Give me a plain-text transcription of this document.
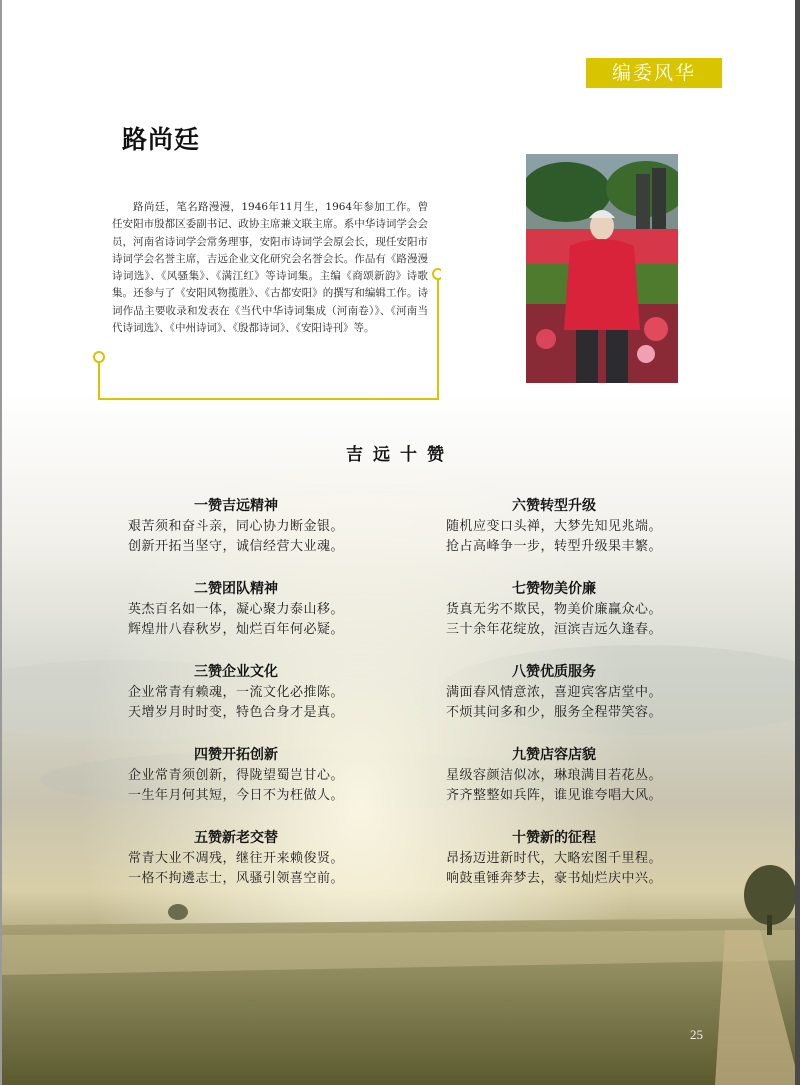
编委风华
路尚廷

路尚廷，笔名路漫漫，1946年11月生，1964年参加工作。曾任安阳市殷都区委副书记、政协主席兼文联主席。系中华诗词学会会员，河南省诗词学会常务理事，安阳市诗词学会原会长，现任安阳市诗词学会名誉主席，吉远企业文化研究会名誉会长。作品有《路漫漫诗词选》、《风骚集》、《满江红》等诗词集。主编《商颂新韵》诗歌集。还参与了《安阳风物揽胜》、《古都安阳》的撰写和编辑工作。诗词作品主要收录和发表在《当代中华诗词集成（河南卷）》、《河南当代诗词选》、《中州诗词》、《殷都诗词》、《安阳诗刊》等。

吉远十赞
一赞吉远精神
艰苦须和奋斗亲，同心协力断金银。
创新开拓当坚守，诚信经营大业魂。
二赞团队精神
英杰百名如一体，凝心聚力泰山移。
辉煌卅八春秋岁，灿烂百年何必疑。
三赞企业文化
企业常青有赖魂，一流文化必推陈。
天增岁月时时变，特色合身才是真。
四赞开拓创新
企业常青须创新，得陇望蜀岂甘心。
一生年月何其短，今日不为枉做人。
五赞新老交替
常青大业不凋残，继往开来赖俊贤。
一格不拘遴志士，风骚引领喜空前。
六赞转型升级
随机应变口头禅，大梦先知见兆端。
抢占高峰争一步，转型升级果丰繁。
七赞物美价廉
货真无劣不欺民，物美价廉赢众心。
三十余年花绽放，洹滨吉远久逢春。
八赞优质服务
满面春风情意浓，喜迎宾客店堂中。
不烦其问多和少，服务全程带笑容。
九赞店容店貌
星级容颜洁似冰，琳琅满目若花丛。
齐齐整整如兵阵，谁见谁夸唱大风。
十赞新的征程
昂扬迈进新时代，大略宏图千里程。
响鼓重锤奔梦去，豪书灿烂庆中兴。
25
